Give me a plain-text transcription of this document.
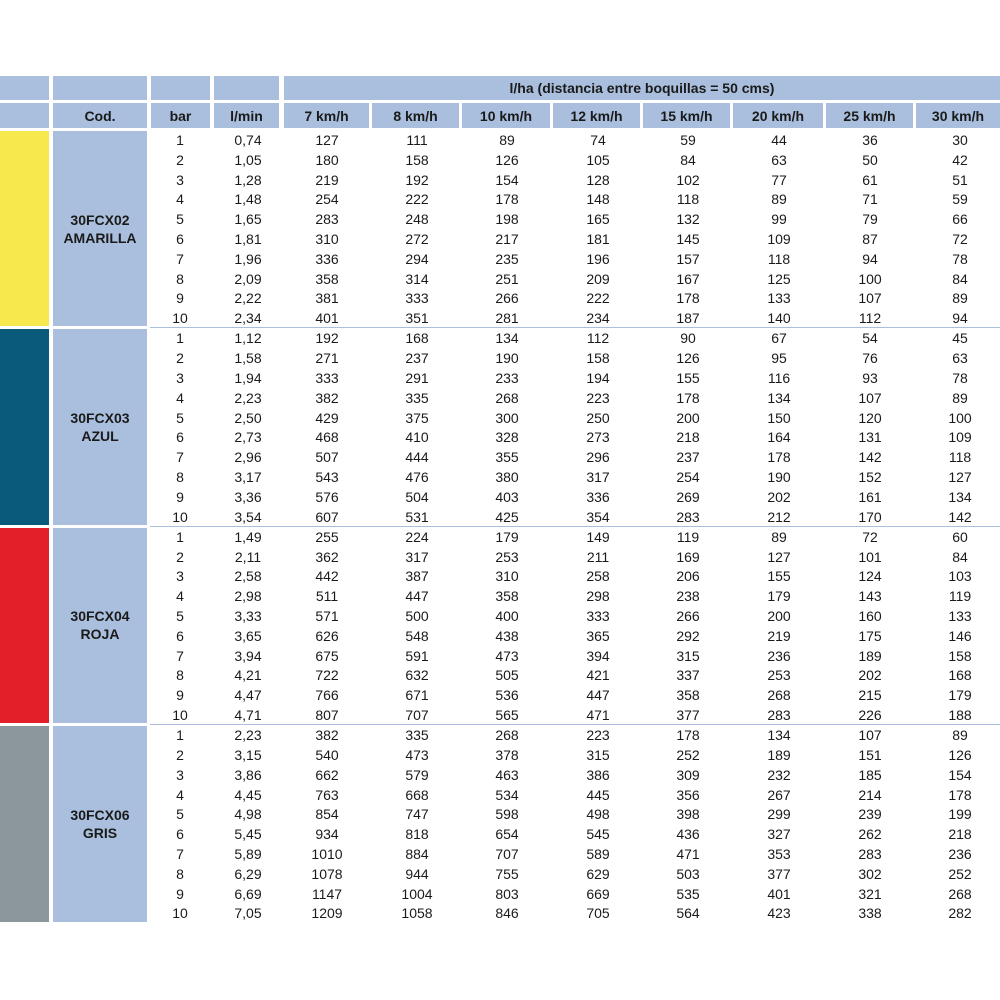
l/ha (distancia entre boquillas = 50 cms)
Cod.	bar	l/min	7 km/h	8 km/h	10 km/h	12 km/h	15 km/h	20 km/h	25 km/h	30 km/h
30FCX02
AMARILLA
1	0,74	127	111	89	74	59	44	36	30
2	1,05	180	158	126	105	84	63	50	42
3	1,28	219	192	154	128	102	77	61	51
4	1,48	254	222	178	148	118	89	71	59
5	1,65	283	248	198	165	132	99	79	66
6	1,81	310	272	217	181	145	109	87	72
7	1,96	336	294	235	196	157	118	94	78
8	2,09	358	314	251	209	167	125	100	84
9	2,22	381	333	266	222	178	133	107	89
10	2,34	401	351	281	234	187	140	112	94
30FCX03
AZUL
1	1,12	192	168	134	112	90	67	54	45
2	1,58	271	237	190	158	126	95	76	63
3	1,94	333	291	233	194	155	116	93	78
4	2,23	382	335	268	223	178	134	107	89
5	2,50	429	375	300	250	200	150	120	100
6	2,73	468	410	328	273	218	164	131	109
7	2,96	507	444	355	296	237	178	142	118
8	3,17	543	476	380	317	254	190	152	127
9	3,36	576	504	403	336	269	202	161	134
10	3,54	607	531	425	354	283	212	170	142
30FCX04
ROJA
1	1,49	255	224	179	149	119	89	72	60
2	2,11	362	317	253	211	169	127	101	84
3	2,58	442	387	310	258	206	155	124	103
4	2,98	511	447	358	298	238	179	143	119
5	3,33	571	500	400	333	266	200	160	133
6	3,65	626	548	438	365	292	219	175	146
7	3,94	675	591	473	394	315	236	189	158
8	4,21	722	632	505	421	337	253	202	168
9	4,47	766	671	536	447	358	268	215	179
10	4,71	807	707	565	471	377	283	226	188
30FCX06
GRIS
1	2,23	382	335	268	223	178	134	107	89
2	3,15	540	473	378	315	252	189	151	126
3	3,86	662	579	463	386	309	232	185	154
4	4,45	763	668	534	445	356	267	214	178
5	4,98	854	747	598	498	398	299	239	199
6	5,45	934	818	654	545	436	327	262	218
7	5,89	1010	884	707	589	471	353	283	236
8	6,29	1078	944	755	629	503	377	302	252
9	6,69	1147	1004	803	669	535	401	321	268
10	7,05	1209	1058	846	705	564	423	338	282
